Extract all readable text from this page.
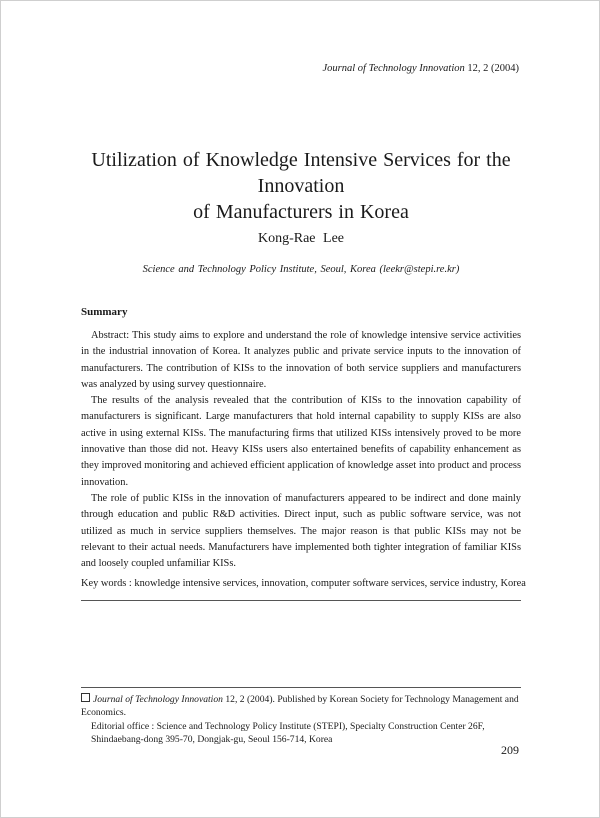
Journal of Technology Innovation 12, 2 (2004)
Utilization of Knowledge Intensive Services for the Innovation
of Manufacturers in Korea
Kong-Rae Lee
Science and Technology Policy Institute, Seoul, Korea (leekr@stepi.re.kr)
Summary

Abstract: This study aims to explore and understand the role of knowledge intensive service activities in the industrial innovation of Korea. It analyzes public and private service inputs to the innovation of manufacturers. The contribution of KISs to the innovation of both service suppliers and manufacturers was analyzed by using survey questionnaire.

The results of the analysis revealed that the contribution of KISs to the innovation capability of manufacturers is significant. Large manufacturers that hold internal capability to supply KISs are also active in using external KISs. The manufacturing firms that utilized KISs intensively proved to be more innovative than those did not. Heavy KISs users also entertained benefits of capability enhancement as they improved monitoring and achieved efficient application of knowledge asset into product and process innovation.

The role of public KISs in the innovation of manufacturers appeared to be indirect and done mainly through education and public R&D activities. Direct input, such as public software service, was not utilized as much in service suppliers themselves. The major reason is that public KISs may not be relevant to their actual needs. Manufacturers have implemented both tighter integration of familiar KISs and loosely coupled unfamiliar KISs.

Key words : knowledge intensive services, innovation, computer software services, service industry, Korea
Journal of Technology Innovation 12, 2 (2004). Published by Korean Society for Technology Management and Economics.
Editorial office : Science and Technology Policy Institute (STEPI), Specialty Construction Center 26F, Shindaebang-dong 395-70, Dongjak-gu, Seoul 156-714, Korea
209
